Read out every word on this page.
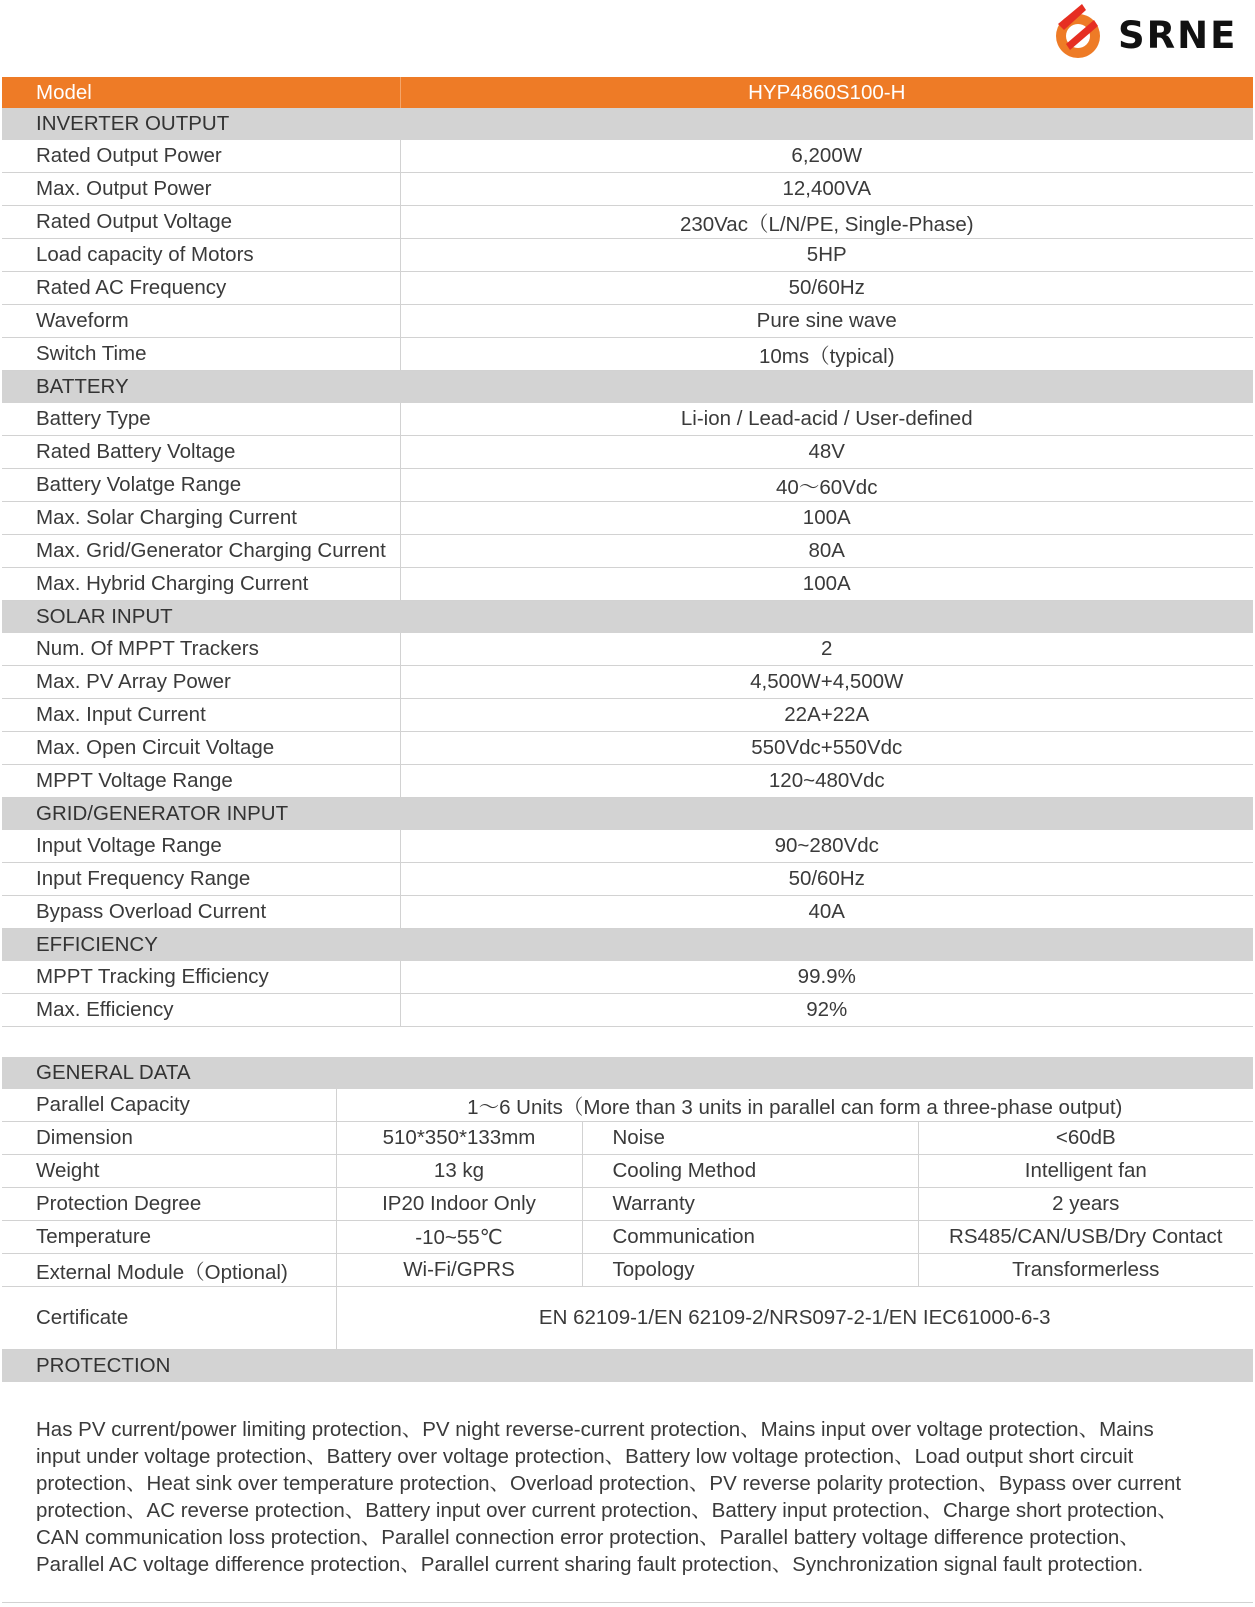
SRNE
Model	HYP4860S100-H
INVERTER OUTPUT	
Rated Output Power	6,200W
Max. Output Power	12,400VA
Rated Output Voltage	230Vac（L/N/PE, Single-Phase)
Load capacity of Motors	5HP
Rated AC Frequency	50/60Hz
Waveform	Pure sine wave
Switch Time	10ms（typical)
BATTERY	
Battery Type	Li-ion / Lead-acid / User-defined
Rated Battery Voltage	48V
Battery Volatge Range	40～60Vdc
Max. Solar Charging Current	100A
Max. Grid/Generator Charging Current	80A
Max. Hybrid Charging Current	100A
SOLAR INPUT	
Num. Of MPPT Trackers	2
Max. PV Array Power	4,500W+4,500W
Max. Input Current	22A+22A
Max. Open Circuit Voltage	550Vdc+550Vdc
MPPT Voltage Range	120~480Vdc
GRID/GENERATOR INPUT	
Input Voltage Range	90~280Vdc
Input Frequency Range	50/60Hz
Bypass Overload Current	40A
EFFICIENCY	
MPPT Tracking Efficiency	99.9%
Max. Efficiency	92%
GENERAL DATA			
Parallel Capacity	1～6 Units（More than 3 units in parallel can form a three-phase output)		
Dimension	510*350*133mm	Noise	<60dB
Weight	13 kg	Cooling Method	Intelligent fan
Protection Degree	IP20 Indoor Only	Warranty	2 years
Temperature	-10~55℃	Communication	RS485/CAN/USB/Dry Contact
External Module（Optional)	Wi-Fi/GPRS	Topology	Transformerless
Certificate	EN 62109-1/EN 62109-2/NRS097-2-1/EN IEC61000-6-3
PROTECTION
Has PV current/power limiting protection、PV night reverse-current protection、Mains input over voltage protection、Mains input under voltage protection、Battery over voltage protection、Battery low voltage protection、Load output short circuit protection、Heat sink over temperature protection、Overload protection、PV reverse polarity protection、Bypass over current protection、AC reverse protection、Battery input over current protection、Battery input protection、Charge short protection、CAN communication loss protection、Parallel connection error protection、Parallel battery voltage difference protection、Parallel AC voltage difference protection、Parallel current sharing fault protection、Synchronization signal fault protection.
